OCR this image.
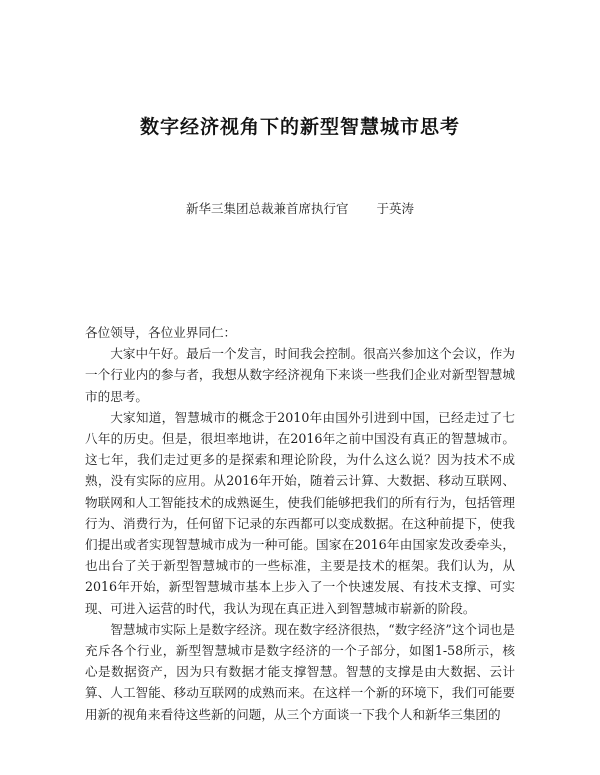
数字经济视角下的新型智慧城市思考
新华三集团总裁兼首席执行官 于英涛

各位领导，各位业界同仁：

大家中午好。最后一个发言，时间我会控制。很高兴参加这个会议，作为一个行业内的参与者，我想从数字经济视角下来谈一些我们企业对新型智慧城市的思考。

大家知道，智慧城市的概念于2010年由国外引进到中国，已经走过了七八年的历史。但是，很坦率地讲，在2016年之前中国没有真正的智慧城市。这七年，我们走过更多的是探索和理论阶段，为什么这么说？因为技术不成熟，没有实际的应用。从2016年开始，随着云计算、大数据、移动互联网、物联网和人工智能技术的成熟诞生，使我们能够把我们的所有行为，包括管理行为、消费行为，任何留下记录的东西都可以变成数据。在这种前提下，使我们提出或者实现智慧城市成为一种可能。国家在2016年由国家发改委牵头，也出台了关于新型智慧城市的一些标准，主要是技术的框架。我们认为，从2016年开始，新型智慧城市基本上步入了一个快速发展、有技术支撑、可实现、可进入运营的时代，我认为现在真正进入到智慧城市崭新的阶段。

智慧城市实际上是数字经济。现在数字经济很热，“数字经济”这个词也是充斥各个行业，新型智慧城市是数字经济的一个子部分，如图1-58所示，核心是数据资产，因为只有数据才能支撑智慧。智慧的支撑是由大数据、云计算、人工智能、移动互联网的成熟而来。在这样一个新的环境下，我们可能要用新的视角来看待这些新的问题，从三个方面谈一下我个人和新华三集团的
